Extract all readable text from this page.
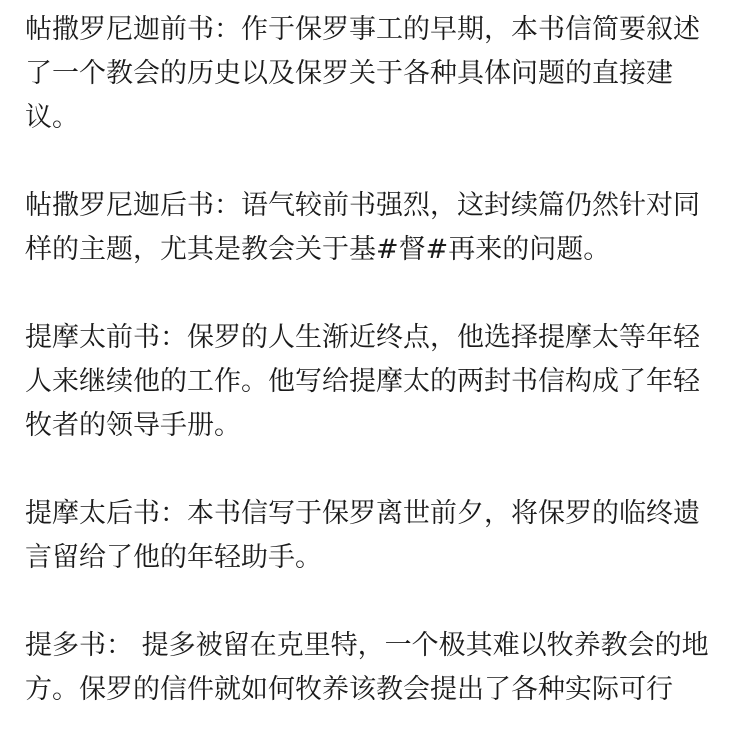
帖撒罗尼迦前书：作于保罗事工的早期，本书信简要叙述了一个教会的历史以及保罗关于各种具体问题的直接建议。

帖撒罗尼迦后书：语气较前书强烈，这封续篇仍然针对同样的主题，尤其是教会关于基#督#再来的问题。

提摩太前书：保罗的人生渐近终点，他选择提摩太等年轻人来继续他的工作。他写给提摩太的两封书信构成了年轻牧者的领导手册。

提摩太后书：本书信写于保罗离世前夕，将保罗的临终遗言留给了他的年轻助手。

提多书： 提多被留在克里特，一个极其难以牧养教会的地方。保罗的信件就如何牧养该教会提出了各种实际可行
